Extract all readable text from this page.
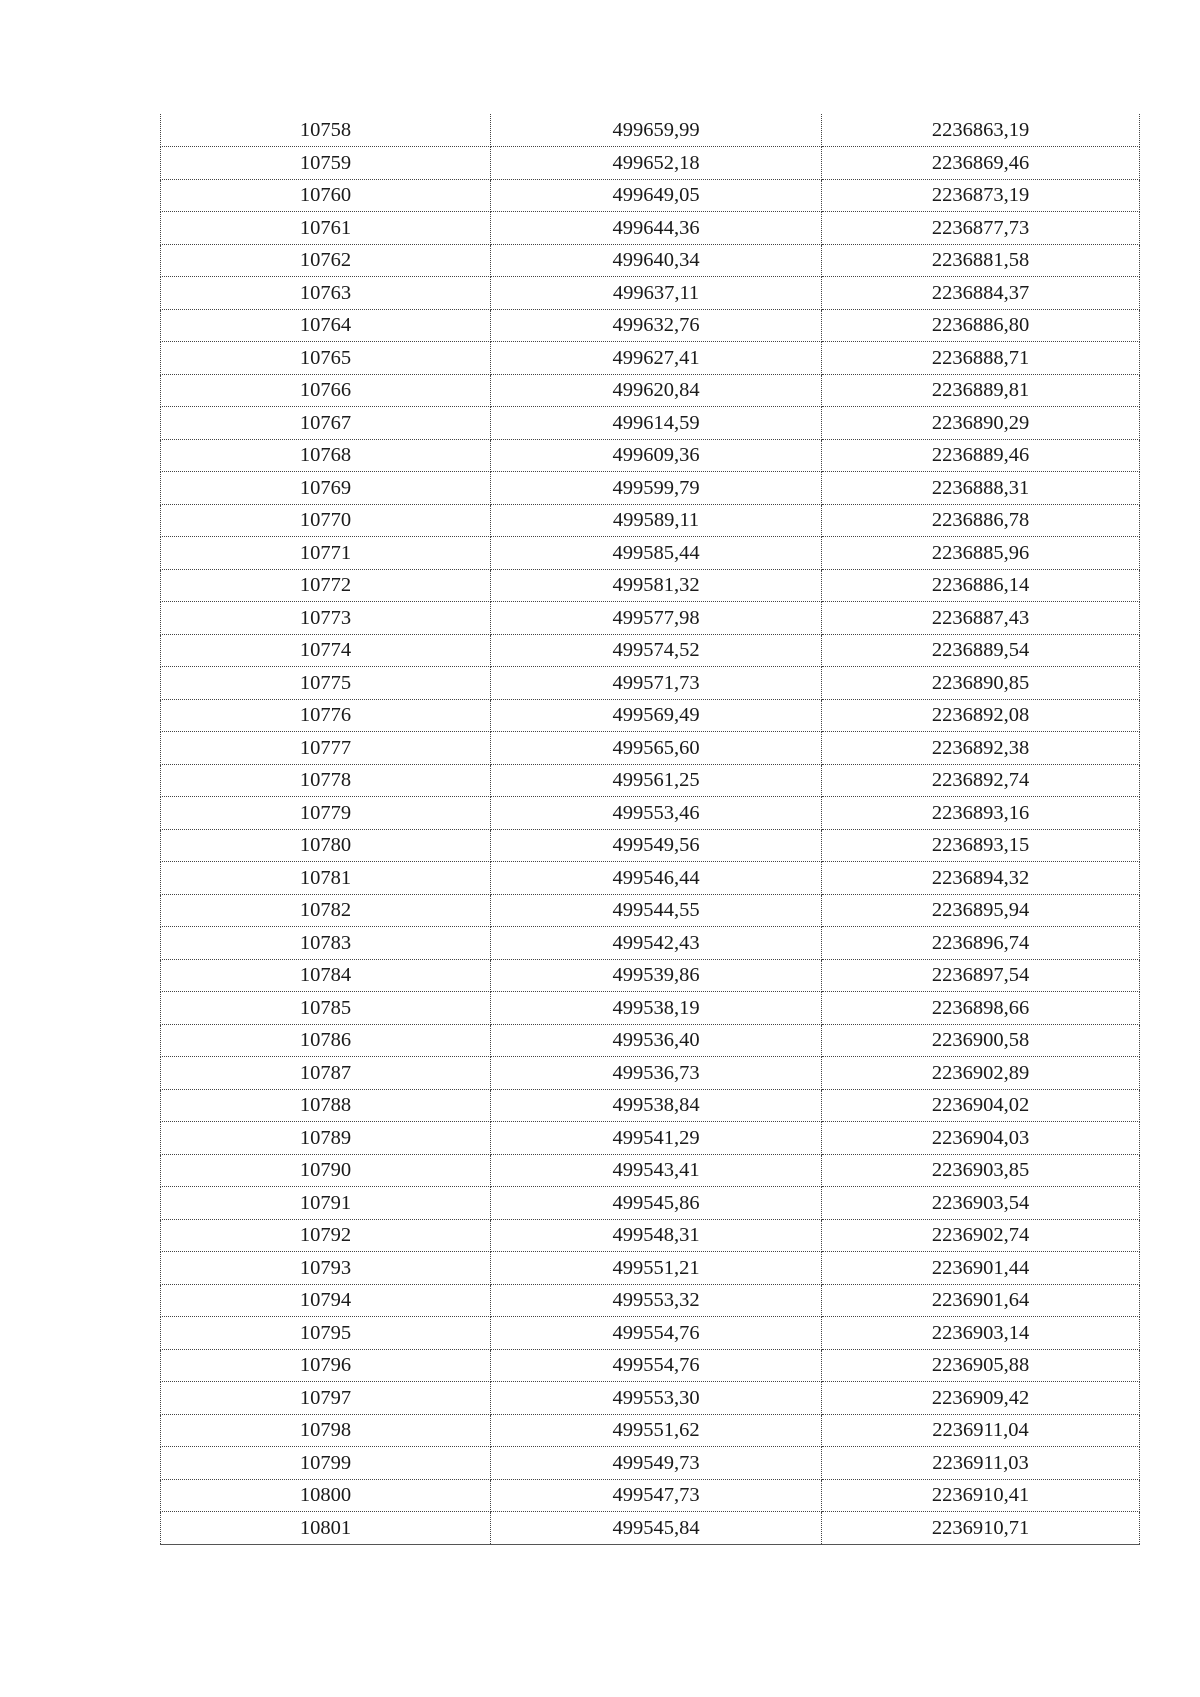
10758	499659,99	2236863,19
10759	499652,18	2236869,46
10760	499649,05	2236873,19
10761	499644,36	2236877,73
10762	499640,34	2236881,58
10763	499637,11	2236884,37
10764	499632,76	2236886,80
10765	499627,41	2236888,71
10766	499620,84	2236889,81
10767	499614,59	2236890,29
10768	499609,36	2236889,46
10769	499599,79	2236888,31
10770	499589,11	2236886,78
10771	499585,44	2236885,96
10772	499581,32	2236886,14
10773	499577,98	2236887,43
10774	499574,52	2236889,54
10775	499571,73	2236890,85
10776	499569,49	2236892,08
10777	499565,60	2236892,38
10778	499561,25	2236892,74
10779	499553,46	2236893,16
10780	499549,56	2236893,15
10781	499546,44	2236894,32
10782	499544,55	2236895,94
10783	499542,43	2236896,74
10784	499539,86	2236897,54
10785	499538,19	2236898,66
10786	499536,40	2236900,58
10787	499536,73	2236902,89
10788	499538,84	2236904,02
10789	499541,29	2236904,03
10790	499543,41	2236903,85
10791	499545,86	2236903,54
10792	499548,31	2236902,74
10793	499551,21	2236901,44
10794	499553,32	2236901,64
10795	499554,76	2236903,14
10796	499554,76	2236905,88
10797	499553,30	2236909,42
10798	499551,62	2236911,04
10799	499549,73	2236911,03
10800	499547,73	2236910,41
10801	499545,84	2236910,71
